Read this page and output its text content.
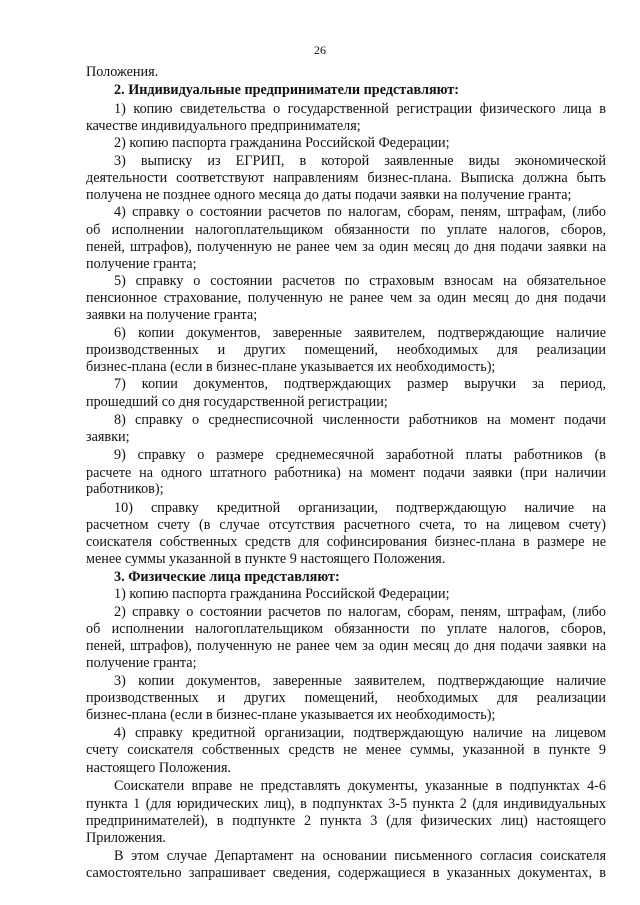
26
Положения.
2. Индивидуальные предприниматели представляют:
1) копию свидетельства о государственной регистрации физического лица в
качестве индивидуального предпринимателя;
2) копию паспорта гражданина Российской Федерации;
3) выписку из ЕГРИП, в которой заявленные виды экономической
деятельности соответствуют направлениям бизнес-плана. Выписка должна быть
получена не позднее одного месяца до даты подачи заявки на получение гранта;
4) справку о состоянии расчетов по налогам, сборам, пеням, штрафам, (либо
об исполнении налогоплательщиком обязанности по уплате налогов, сборов,
пеней, штрафов), полученную не ранее чем за один месяц до дня подачи заявки на
получение гранта;
5) справку о состоянии расчетов по страховым взносам на обязательное
пенсионное страхование, полученную не ранее чем за один месяц до дня подачи
заявки на получение гранта;
6) копии документов, заверенные заявителем, подтверждающие наличие
производственных и других помещений, необходимых для реализации
бизнес-плана (если в бизнес-плане указывается их необходимость);
7) копии документов, подтверждающих размер выручки за период,
прошедший со дня государственной регистрации;
8) справку о среднесписочной численности работников на момент подачи
заявки;
9) справку о размере среднемесячной заработной платы работников (в
расчете на одного штатного работника) на момент подачи заявки (при наличии
работников);
10) справку кредитной организации, подтверждающую наличие на
расчетном счету (в случае отсутствия расчетного счета, то на лицевом счету)
соискателя собственных средств для софинсирования бизнес-плана в размере не
менее суммы указанной в пункте 9 настоящего Положения.
3. Физические лица представляют:
1) копию паспорта гражданина Российской Федерации;
2) справку о состоянии расчетов по налогам, сборам, пеням, штрафам, (либо
об исполнении налогоплательщиком обязанности по уплате налогов, сборов,
пеней, штрафов), полученную не ранее чем за один месяц до дня подачи заявки на
получение гранта;
3) копии документов, заверенные заявителем, подтверждающие наличие
производственных и других помещений, необходимых для реализации
бизнес-плана (если в бизнес-плане указывается их необходимость);
4) справку кредитной организации, подтверждающую наличие на лицевом
счету соискателя собственных средств не менее суммы, указанной в пункте 9
настоящего Положения.
Соискатели вправе не представлять документы, указанные в подпунктах 4-6
пункта 1 (для юридических лиц), в подпунктах 3-5 пункта 2 (для индивидуальных
предпринимателей), в подпункте 2 пункта 3 (для физических лиц) настоящего
Приложения.
В этом случае Департамент на основании письменного согласия соискателя
самостоятельно запрашивает сведения, содержащиеся в указанных документах, в
